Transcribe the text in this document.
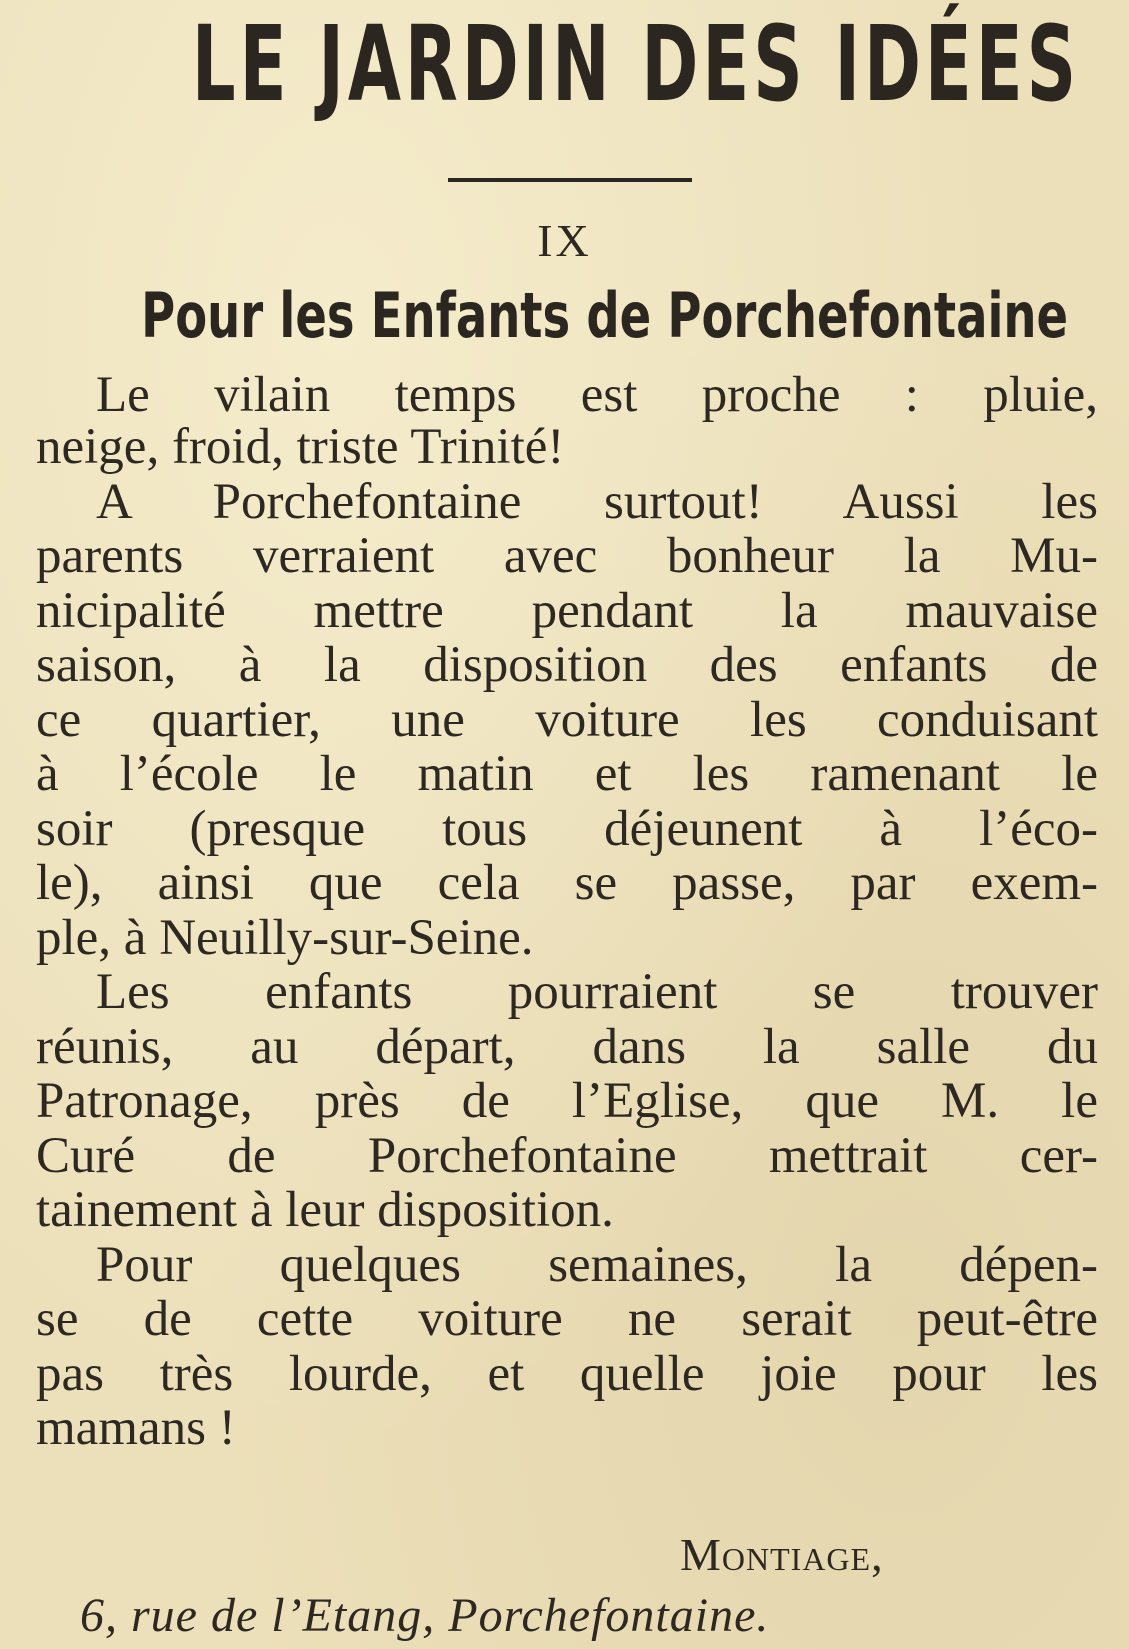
LE JARDIN DES IDÉES
IX
Pour les Enfants de Porchefontaine
Le vilain temps est proche : pluie,
neige, froid, triste Trinité!
A Porchefontaine surtout! Aussi les
parents verraient avec bonheur la Mu-
nicipalité mettre pendant la mauvaise
saison, à la disposition des enfants de
ce quartier, une voiture les conduisant
à l’école le matin et les ramenant le
soir (presque tous déjeunent à l’éco-
le), ainsi que cela se passe, par exem-
ple, à Neuilly-sur-Seine.
Les enfants pourraient se trouver
réunis, au départ, dans la salle du
Patronage, près de l’Eglise, que M. le
Curé de Porchefontaine mettrait cer-
tainement à leur disposition.
Pour quelques semaines, la dépen-
se de cette voiture ne serait peut-être
pas très lourde, et quelle joie pour les
mamans !
Montiage,
6, rue de l’Etang, Porchefontaine.
